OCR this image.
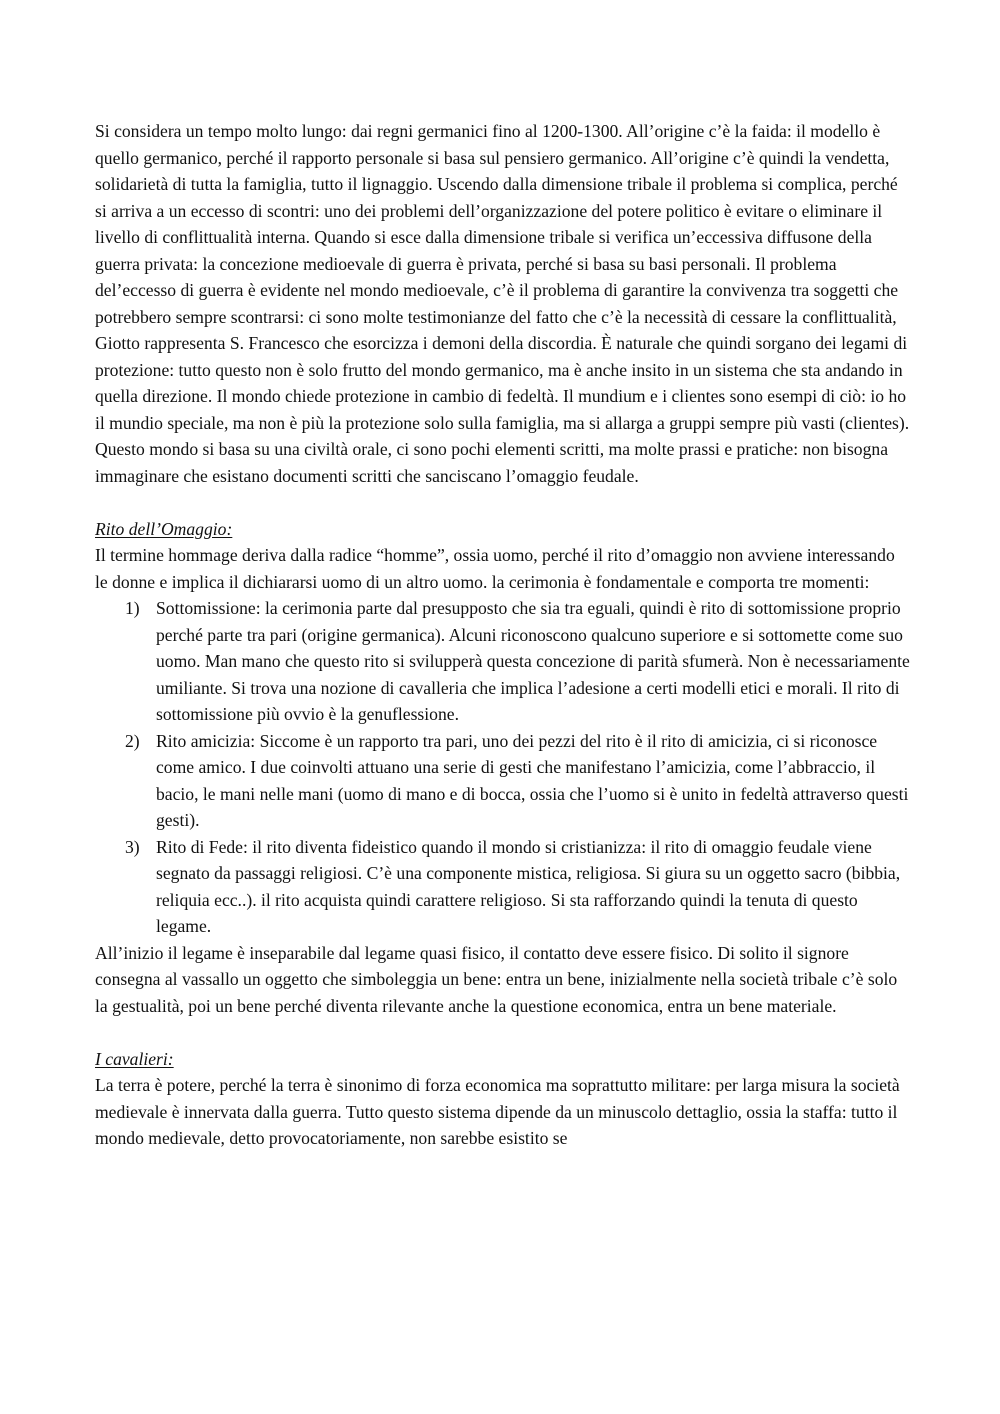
Si considera un tempo molto lungo: dai regni germanici fino al 1200-1300. All’origine c’è la faida: il modello è quello germanico, perché il rapporto personale si basa sul pensiero germanico. All’origine c’è quindi la vendetta, solidarietà di tutta la famiglia, tutto il lignaggio. Uscendo dalla dimensione tribale il problema si complica, perché si arriva a un eccesso di scontri: uno dei problemi dell’organizzazione del potere politico è evitare o eliminare il livello di conflittualità interna. Quando si esce dalla dimensione tribale si verifica un’eccessiva diffusone della guerra privata: la concezione medioevale di guerra è privata, perché si basa su basi personali. Il problema del’eccesso di guerra è evidente nel mondo medioevale, c’è il problema di garantire la convivenza tra soggetti che potrebbero sempre scontrarsi: ci sono molte testimonianze del fatto che c’è la necessità di cessare la conflittualità, Giotto rappresenta S. Francesco che esorcizza i demoni della discordia. È naturale che quindi sorgano dei legami di protezione: tutto questo non è solo frutto del mondo germanico, ma è anche insito in un sistema che sta andando in quella direzione. Il mondo chiede protezione in cambio di fedeltà. Il mundium e i clientes sono esempi di ciò: io ho il mundio speciale, ma non è più la protezione solo sulla famiglia, ma si allarga a gruppi sempre più vasti (clientes). Questo mondo si basa su una civiltà orale, ci sono pochi elementi scritti, ma molte prassi e pratiche: non bisogna immaginare che esistano documenti scritti che sanciscano l’omaggio feudale.

Rito dell’Omaggio:

Il termine hommage deriva dalla radice “homme”, ossia uomo, perché il rito d’omaggio non avviene interessando le donne e implica il dichiararsi uomo di un altro uomo. la cerimonia è fondamentale e comporta tre momenti:

1) Sottomissione: la cerimonia parte dal presupposto che sia tra eguali, quindi è rito di sottomissione proprio perché parte tra pari (origine germanica). Alcuni riconoscono qualcuno superiore e si sottomette come suo uomo. Man mano che questo rito si svilupperà questa concezione di parità sfumerà. Non è necessariamente umiliante. Si trova una nozione di cavalleria che implica l’adesione a certi modelli etici e morali. Il rito di sottomissione più ovvio è la genuflessione.
2) Rito amicizia: Siccome è un rapporto tra pari, uno dei pezzi del rito è il rito di amicizia, ci si riconosce come amico. I due coinvolti attuano una serie di gesti che manifestano l’amicizia, come l’abbraccio, il bacio, le mani nelle mani (uomo di mano e di bocca, ossia che l’uomo si è unito in fedeltà attraverso questi gesti).
3) Rito di Fede: il rito diventa fideistico quando il mondo si cristianizza: il rito di omaggio feudale viene segnato da passaggi religiosi. C’è una componente mistica, religiosa. Si giura su un oggetto sacro (bibbia, reliquia ecc..). il rito acquista quindi carattere religioso. Si sta rafforzando quindi la tenuta di questo legame.

All’inizio il legame è inseparabile dal legame quasi fisico, il contatto deve essere fisico. Di solito il signore consegna al vassallo un oggetto che simboleggia un bene: entra un bene, inizialmente nella società tribale c’è solo la gestualità, poi un bene perché diventa rilevante anche la questione economica, entra un bene materiale.

I cavalieri:

La terra è potere, perché la terra è sinonimo di forza economica ma soprattutto militare: per larga misura la società medievale è innervata dalla guerra. Tutto questo sistema dipende da un minuscolo dettaglio, ossia la staffa: tutto il mondo medievale, detto provocatoriamente, non sarebbe esistito se
